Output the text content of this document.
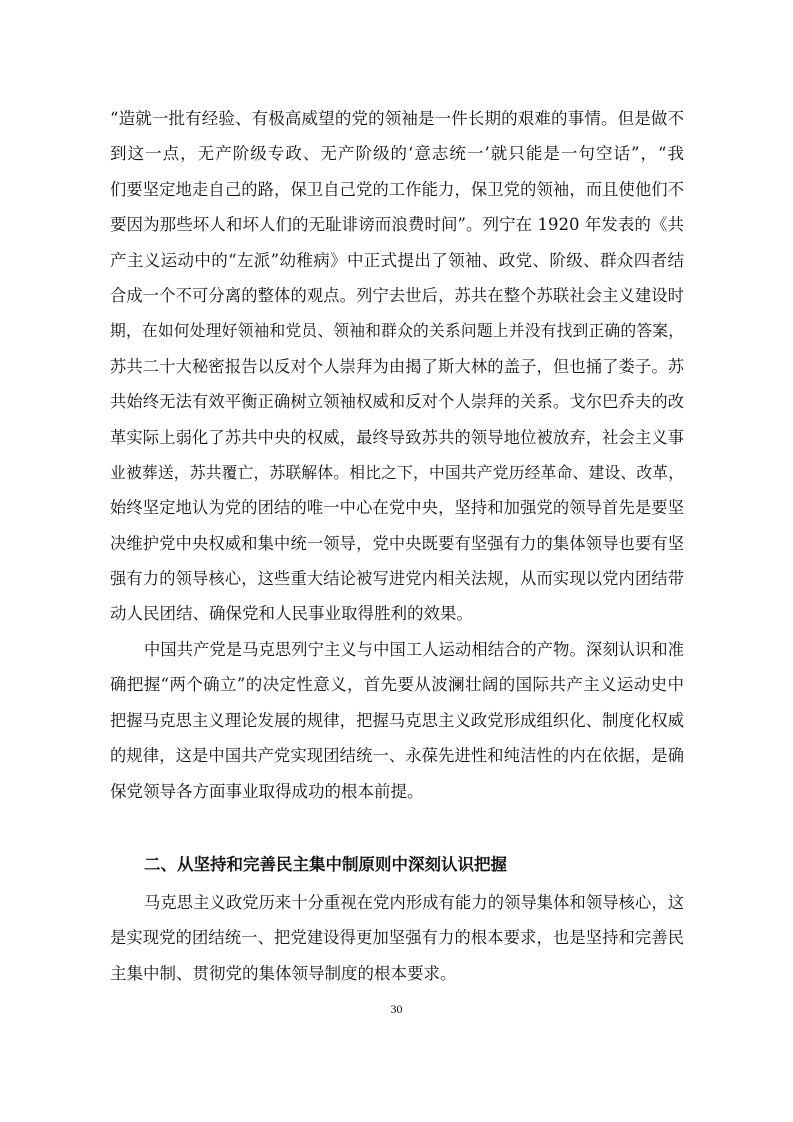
“造就一批有经验、有极高威望的党的领袖是一件长期的艰难的事情。但是做不
到这一点，无产阶级专政、无产阶级的‘意志统一’就只能是一句空话”，“我
们要坚定地走自己的路，保卫自己党的工作能力，保卫党的领袖，而且使他们不
要因为那些坏人和坏人们的无耻诽谤而浪费时间”。列宁在 1920 年发表的《共
产主义运动中的“左派”幼稚病》中正式提出了领袖、政党、阶级、群众四者结
合成一个不可分离的整体的观点。列宁去世后，苏共在整个苏联社会主义建设时
期，在如何处理好领袖和党员、领袖和群众的关系问题上并没有找到正确的答案，
苏共二十大秘密报告以反对个人崇拜为由揭了斯大林的盖子，但也捅了娄子。苏
共始终无法有效平衡正确树立领袖权威和反对个人崇拜的关系。戈尔巴乔夫的改
革实际上弱化了苏共中央的权威，最终导致苏共的领导地位被放弃，社会主义事
业被葬送，苏共覆亡，苏联解体。相比之下，中国共产党历经革命、建设、改革，
始终坚定地认为党的团结的唯一中心在党中央，坚持和加强党的领导首先是要坚
决维护党中央权威和集中统一领导，党中央既要有坚强有力的集体领导也要有坚
强有力的领导核心，这些重大结论被写进党内相关法规，从而实现以党内团结带
动人民团结、确保党和人民事业取得胜利的效果。
中国共产党是马克思列宁主义与中国工人运动相结合的产物。深刻认识和准
确把握“两个确立”的决定性意义，首先要从波澜壮阔的国际共产主义运动史中
把握马克思主义理论发展的规律，把握马克思主义政党形成组织化、制度化权威
的规律，这是中国共产党实现团结统一、永葆先进性和纯洁性的内在依据，是确
保党领导各方面事业取得成功的根本前提。
二、从坚持和完善民主集中制原则中深刻认识把握
马克思主义政党历来十分重视在党内形成有能力的领导集体和领导核心，这
是实现党的团结统一、把党建设得更加坚强有力的根本要求，也是坚持和完善民
主集中制、贯彻党的集体领导制度的根本要求。
30
